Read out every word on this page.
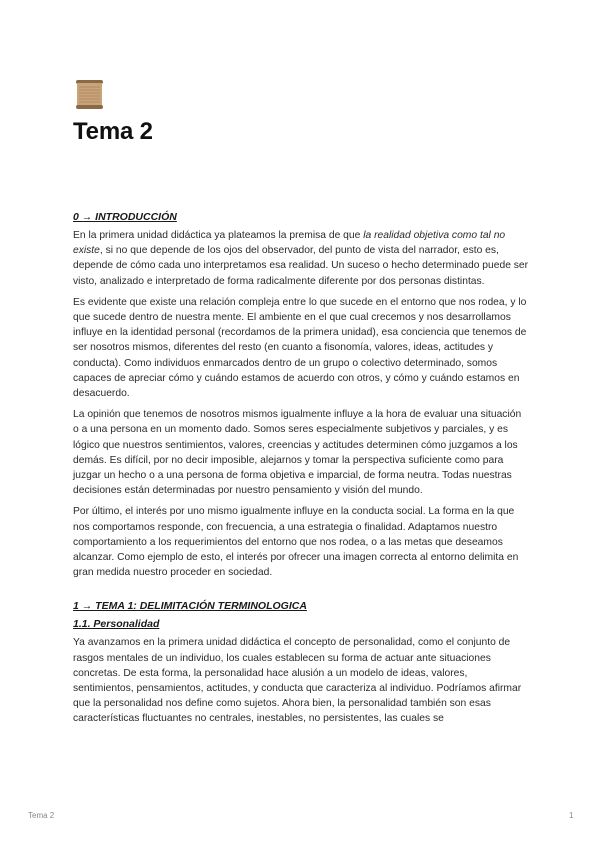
Tema 2
0 → INTRODUCCIÓN

En la primera unidad didáctica ya plateamos la premisa de que la realidad objetiva como tal no existe, si no que depende de los ojos del observador, del punto de vista del narrador, esto es, depende de cómo cada uno interpretamos esa realidad. Un suceso o hecho determinado puede ser visto, analizado e interpretado de forma radicalmente diferente por dos personas distintas.

Es evidente que existe una relación compleja entre lo que sucede en el entorno que nos rodea, y lo que sucede dentro de nuestra mente. El ambiente en el que cual crecemos y nos desarrollamos influye en la identidad personal (recordamos de la primera unidad), esa conciencia que tenemos de ser nosotros mismos, diferentes del resto (en cuanto a fisonomía, valores, ideas, actitudes y conducta). Como individuos enmarcados dentro de un grupo o colectivo determinado, somos capaces de apreciar cómo y cuándo estamos de acuerdo con otros, y cómo y cuándo estamos en desacuerdo.

La opinión que tenemos de nosotros mismos igualmente influye a la hora de evaluar una situación o a una persona en un momento dado. Somos seres especialmente subjetivos y parciales, y es lógico que nuestros sentimientos, valores, creencias y actitudes determinen cómo juzgamos a los demás. Es difícil, por no decir imposible, alejarnos y tomar la perspectiva suficiente como para juzgar un hecho o a una persona de forma objetiva e imparcial, de forma neutra. Todas nuestras decisiones están determinadas por nuestro pensamiento y visión del mundo.

Por último, el interés por uno mismo igualmente influye en la conducta social. La forma en la que nos comportamos responde, con frecuencia, a una estrategia o finalidad. Adaptamos nuestro comportamiento a los requerimientos del entorno que nos rodea, o a las metas que deseamos alcanzar. Como ejemplo de esto, el interés por ofrecer una imagen correcta al entorno delimita en gran medida nuestro proceder en sociedad.

1 → TEMA 1: DELIMITACIÓN TERMINOLOGICA
1.1. Personalidad

Ya avanzamos en la primera unidad didáctica el concepto de personalidad, como el conjunto de rasgos mentales de un individuo, los cuales establecen su forma de actuar ante situaciones concretas. De esta forma, la personalidad hace alusión a un modelo de ideas, valores, sentimientos, pensamientos, actitudes, y conducta que caracteriza al individuo. Podríamos afirmar que la personalidad nos define como sujetos. Ahora bien, la personalidad también son esas características fluctuantes no centrales, inestables, no persistentes, las cuales se

Tema 2	1
